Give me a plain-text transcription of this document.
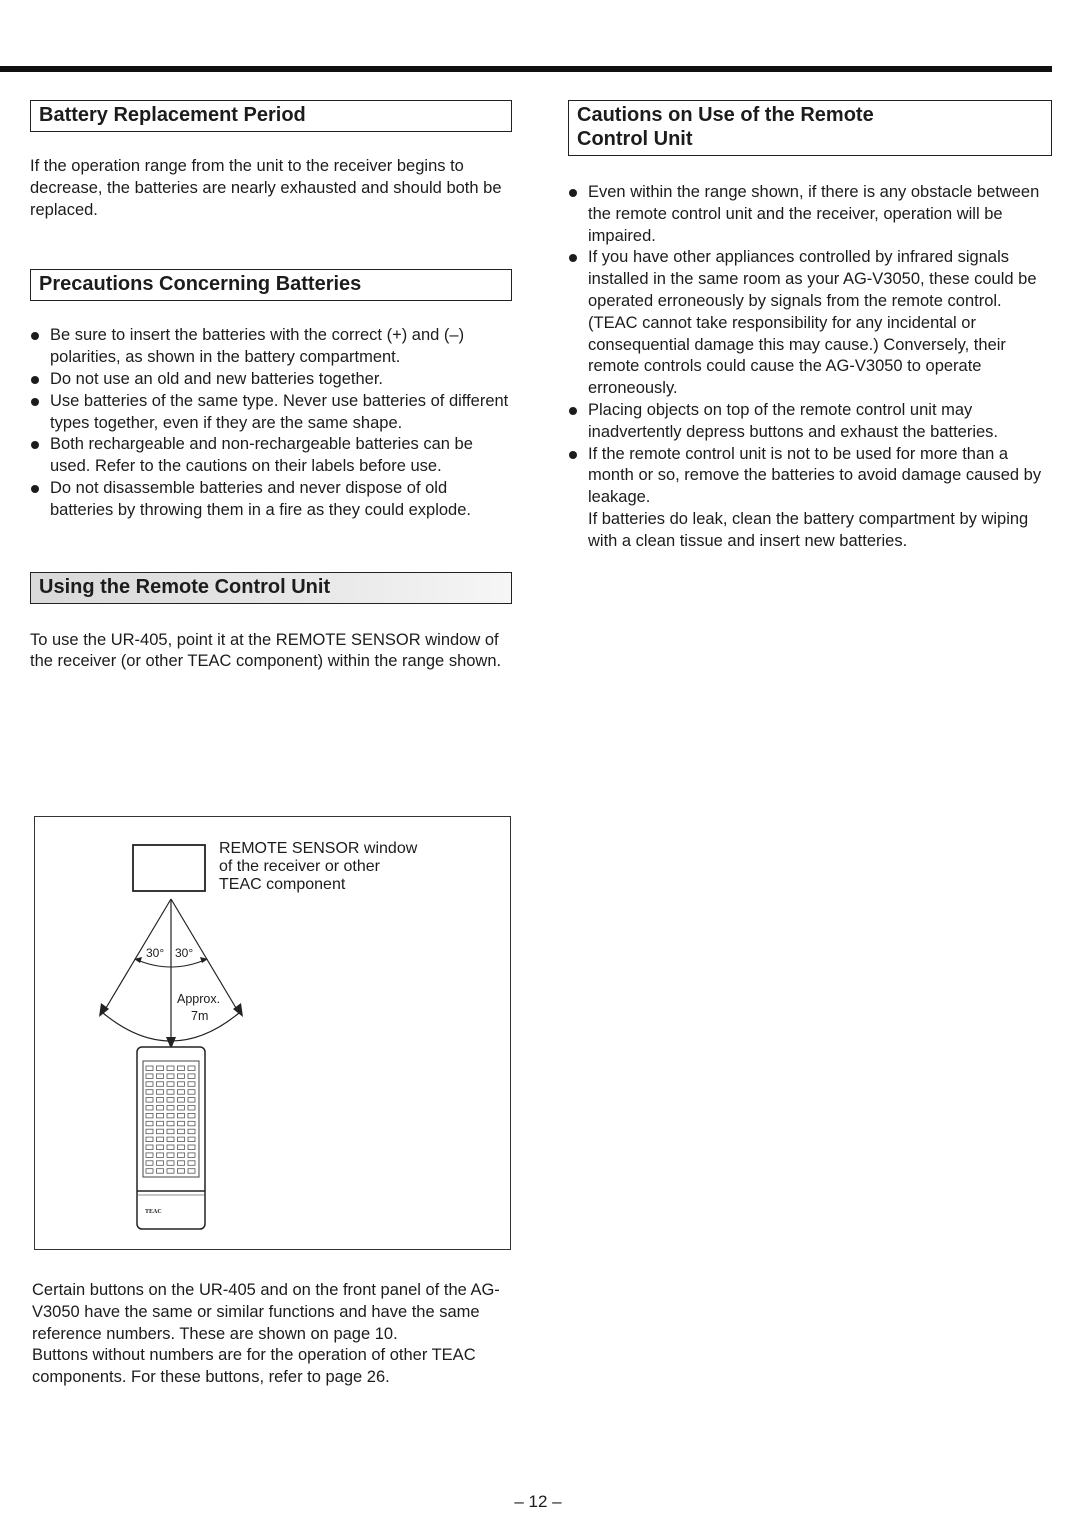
Battery Replacement Period

If the operation range from the unit to the receiver begins to decrease, the batteries are nearly exhausted and should both be replaced.

Precautions Concerning Batteries
Be sure to insert the batteries with the correct (+) and (–) polarities, as shown in the battery compartment.
Do not use an old and new batteries together.
Use batteries of the same type. Never use batteries of different types together, even if they are the same shape.
Both rechargeable and non-rechargeable batteries can be used. Refer to the cautions on their labels before use.
Do not disassemble batteries and never dispose of old batteries by throwing them in a fire as they could explode.
Using the Remote Control Unit

To use the UR-405, point it at the REMOTE SENSOR window of the receiver (or other TEAC component) within the range shown.

REMOTE SENSOR window
of the receiver or other
TEAC component
30° 30°
Approx.
7m
TEAC

Certain buttons on the UR-405 and on the front panel of the AG-V3050 have the same or similar functions and have the same reference numbers. These are shown on page 10.

Buttons without numbers are for the operation of other TEAC components. For these buttons, refer to page 26.

Cautions on Use of the Remote
Control Unit
Even within the range shown, if there is any obstacle between the remote control unit and the receiver, operation will be impaired.
If you have other appliances controlled by infrared signals installed in the same room as your AG-V3050, these could be operated erroneously by signals from the remote control. (TEAC cannot take responsibility for any incidental or consequential damage this may cause.) Conversely, their remote controls could cause the AG-V3050 to operate erroneously.
Placing objects on top of the remote control unit may inadvertently depress buttons and exhaust the batteries.
If the remote control unit is not to be used for more than a month or so, remove the batteries to avoid damage caused by leakage.
If batteries do leak, clean the battery compartment by wiping with a clean tissue and insert new batteries.
– 12 –
